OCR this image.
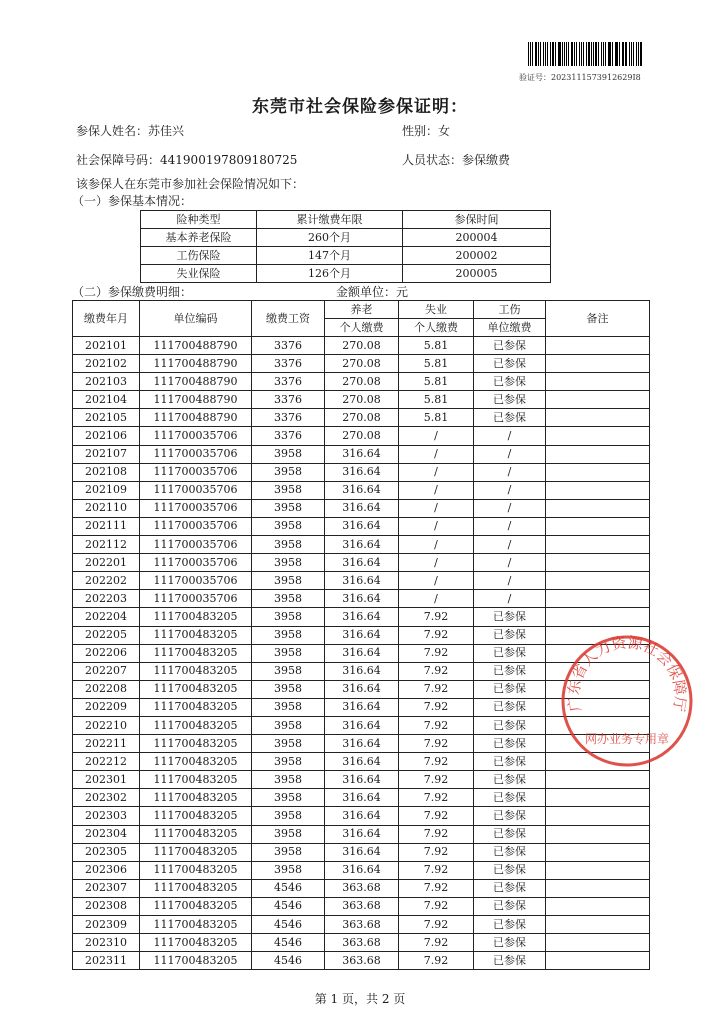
验证号：2023111573912629I8
东莞市社会保险参保证明：
参保人姓名：苏佳兴	性别：女
社会保障号码：441900197809180725	人员状态：参保缴费
该参保人在东莞市参加社会保险情况如下：
（一）参保基本情况：
险种类型	累计缴费年限	参保时间
基本养老保险	260个月	200004
工伤保险	147个月	200002
失业保险	126个月	200005
（二）参保缴费明细：	金额单位：元
缴费年月	单位编码	缴费工资	养老	失业	工伤	备注
			个人缴费	个人缴费	单位缴费	
202101	111700488790	3376	270.08	5.81	已参保	
202102	111700488790	3376	270.08	5.81	已参保	
202103	111700488790	3376	270.08	5.81	已参保	
202104	111700488790	3376	270.08	5.81	已参保	
202105	111700488790	3376	270.08	5.81	已参保	
202106	111700035706	3376	270.08	/	/	
202107	111700035706	3958	316.64	/	/	
202108	111700035706	3958	316.64	/	/	
202109	111700035706	3958	316.64	/	/	
202110	111700035706	3958	316.64	/	/	
202111	111700035706	3958	316.64	/	/	
202112	111700035706	3958	316.64	/	/	
202201	111700035706	3958	316.64	/	/	
202202	111700035706	3958	316.64	/	/	
202203	111700035706	3958	316.64	/	/	
202204	111700483205	3958	316.64	7.92	已参保	
202205	111700483205	3958	316.64	7.92	已参保	
202206	111700483205	3958	316.64	7.92	已参保	
202207	111700483205	3958	316.64	7.92	已参保	
202208	111700483205	3958	316.64	7.92	已参保	
202209	111700483205	3958	316.64	7.92	已参保	
202210	111700483205	3958	316.64	7.92	已参保	
202211	111700483205	3958	316.64	7.92	已参保	
202212	111700483205	3958	316.64	7.92	已参保	
202301	111700483205	3958	316.64	7.92	已参保	
202302	111700483205	3958	316.64	7.92	已参保	
202303	111700483205	3958	316.64	7.92	已参保	
202304	111700483205	3958	316.64	7.92	已参保	
202305	111700483205	3958	316.64	7.92	已参保	
202306	111700483205	3958	316.64	7.92	已参保	
202307	111700483205	4546	363.68	7.92	已参保	
202308	111700483205	4546	363.68	7.92	已参保	
202309	111700483205	4546	363.68	7.92	已参保	
202310	111700483205	4546	363.68	7.92	已参保	
202311	111700483205	4546	363.68	7.92	已参保	
广东省人力资源社会保障厅
网办业务专用章
第 1 页，共 2 页
